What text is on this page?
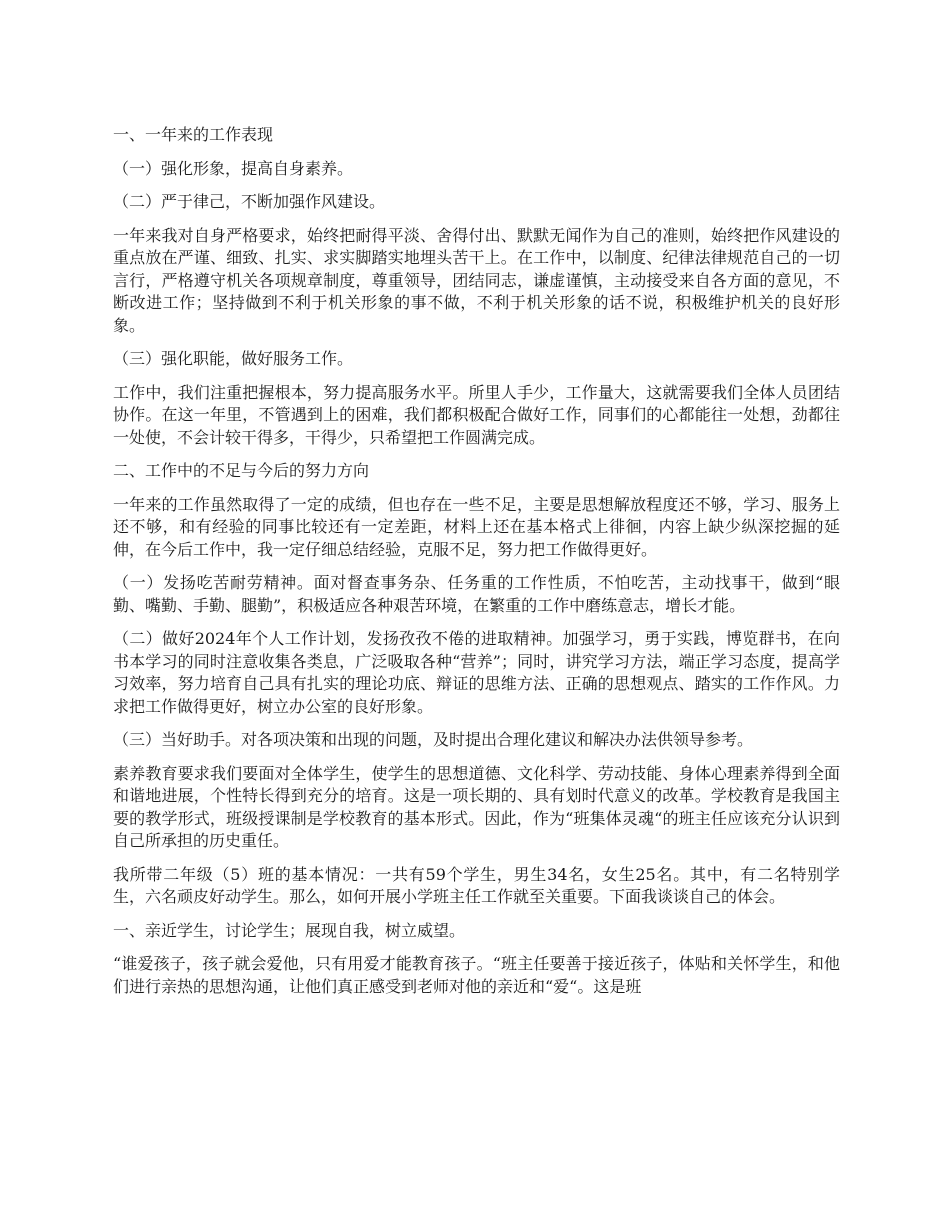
一、一年来的工作表现

（一）强化形象，提高自身素养。

（二）严于律己，不断加强作风建设。

一年来我对自身严格要求，始终把耐得平淡、舍得付出、默默无闻作为自己的准则，始终把作风建设的重点放在严谨、细致、扎实、求实脚踏实地埋头苦干上。在工作中，以制度、纪律法律规范自己的一切言行，严格遵守机关各项规章制度，尊重领导，团结同志，谦虚谨慎，主动接受来自各方面的意见，不断改进工作；坚持做到不利于机关形象的事不做，不利于机关形象的话不说，积极维护机关的良好形象。

（三）强化职能，做好服务工作。

工作中，我们注重把握根本，努力提高服务水平。所里人手少，工作量大，这就需要我们全体人员团结协作。在这一年里，不管遇到上的困难，我们都积极配合做好工作，同事们的心都能往一处想，劲都往一处使，不会计较干得多，干得少，只希望把工作圆满完成。

二、工作中的不足与今后的努力方向

一年来的工作虽然取得了一定的成绩，但也存在一些不足，主要是思想解放程度还不够，学习、服务上还不够，和有经验的同事比较还有一定差距，材料上还在基本格式上徘徊，内容上缺少纵深挖掘的延伸，在今后工作中，我一定仔细总结经验，克服不足，努力把工作做得更好。

（一）发扬吃苦耐劳精神。面对督查事务杂、任务重的工作性质，不怕吃苦，主动找事干，做到“眼勤、嘴勤、手勤、腿勤”，积极适应各种艰苦环境，在繁重的工作中磨练意志，增长才能。

（二）做好2024年个人工作计划，发扬孜孜不倦的进取精神。加强学习，勇于实践，博览群书，在向书本学习的同时注意收集各类息，广泛吸取各种“营养”；同时，讲究学习方法，端正学习态度，提高学习效率，努力培育自己具有扎实的理论功底、辩证的思维方法、正确的思想观点、踏实的工作作风。力求把工作做得更好，树立办公室的良好形象。

（三）当好助手。对各项决策和出现的问题，及时提出合理化建议和解决办法供领导参考。

素养教育要求我们要面对全体学生，使学生的思想道德、文化科学、劳动技能、身体心理素养得到全面和谐地进展，个性特长得到充分的培育。这是一项长期的、具有划时代意义的改革。学校教育是我国主要的教学形式，班级授课制是学校教育的基本形式。因此，作为“班集体灵魂“的班主任应该充分认识到自己所承担的历史重任。

我所带二年级（5）班的基本情况：一共有59个学生，男生34名，女生25名。其中，有二名特别学生，六名顽皮好动学生。那么，如何开展小学班主任工作就至关重要。下面我谈谈自己的体会。

一、亲近学生，讨论学生；展现自我，树立威望。

“谁爱孩子，孩子就会爱他，只有用爱才能教育孩子。“班主任要善于接近孩子，体贴和关怀学生，和他们进行亲热的思想沟通，让他们真正感受到老师对他的亲近和“爱“。这是班
